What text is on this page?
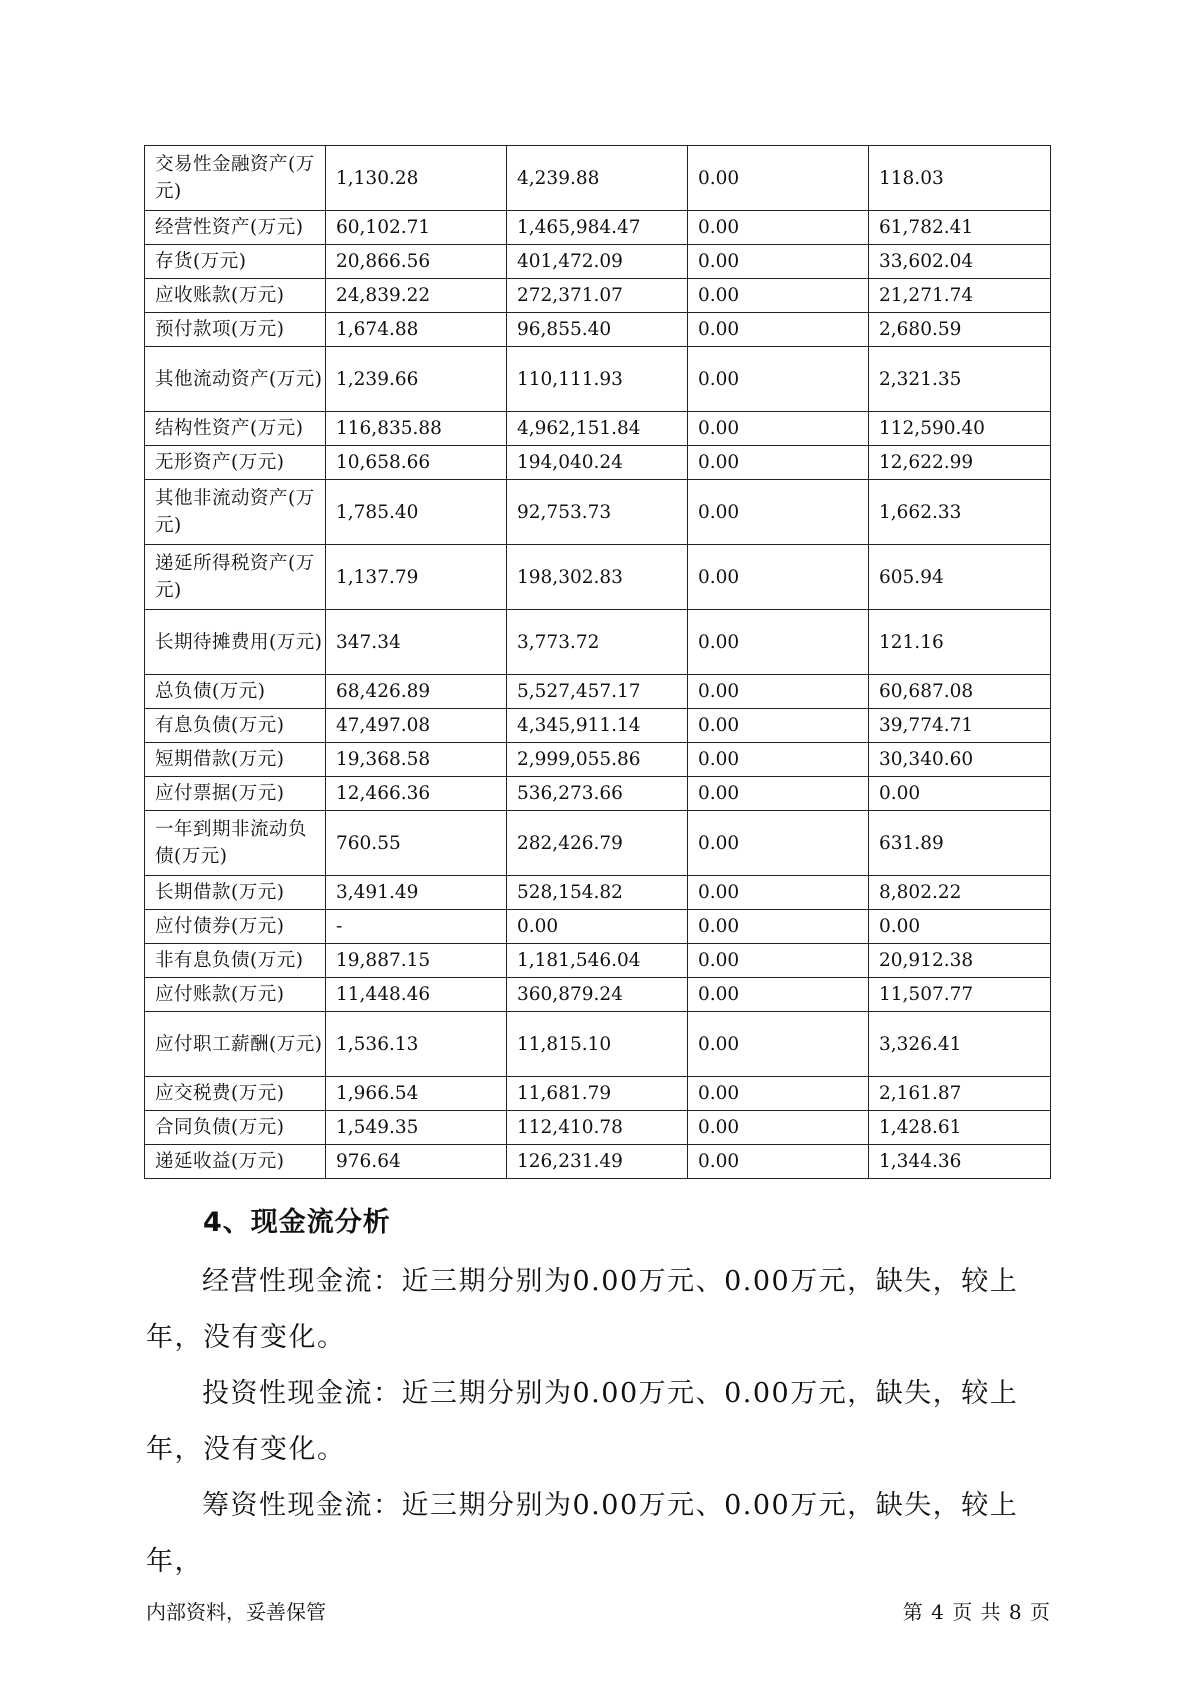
交易性金融资产(万元)	1,130.28	4,239.88	0.00	118.03
经营性资产(万元)	60,102.71	1,465,984.47	0.00	61,782.41
存货(万元)	20,866.56	401,472.09	0.00	33,602.04
应收账款(万元)	24,839.22	272,371.07	0.00	21,271.74
预付款项(万元)	1,674.88	96,855.40	0.00	2,680.59
其他流动资产(万元)	1,239.66	110,111.93	0.00	2,321.35
结构性资产(万元)	116,835.88	4,962,151.84	0.00	112,590.40
无形资产(万元)	10,658.66	194,040.24	0.00	12,622.99
其他非流动资产(万元)	1,785.40	92,753.73	0.00	1,662.33
递延所得税资产(万元)	1,137.79	198,302.83	0.00	605.94
长期待摊费用(万元)	347.34	3,773.72	0.00	121.16
总负债(万元)	68,426.89	5,527,457.17	0.00	60,687.08
有息负债(万元)	47,497.08	4,345,911.14	0.00	39,774.71
短期借款(万元)	19,368.58	2,999,055.86	0.00	30,340.60
应付票据(万元)	12,466.36	536,273.66	0.00	0.00
一年到期非流动负债(万元)	760.55	282,426.79	0.00	631.89
长期借款(万元)	3,491.49	528,154.82	0.00	8,802.22
应付债券(万元)	-	0.00	0.00	0.00
非有息负债(万元)	19,887.15	1,181,546.04	0.00	20,912.38
应付账款(万元)	11,448.46	360,879.24	0.00	11,507.77
应付职工薪酬(万元)	1,536.13	11,815.10	0.00	3,326.41
应交税费(万元)	1,966.54	11,681.79	0.00	2,161.87
合同负债(万元)	1,549.35	112,410.78	0.00	1,428.61
递延收益(万元)	976.64	126,231.49	0.00	1,344.36
4、现金流分析

经营性现金流：近三期分别为0.00万元、0.00万元，缺失，较上年，没有变化。

投资性现金流：近三期分别为0.00万元、0.00万元，缺失，较上年，没有变化。

筹资性现金流：近三期分别为0.00万元、0.00万元，缺失，较上年，

内部资料，妥善保管	第 4 页 共 8 页
